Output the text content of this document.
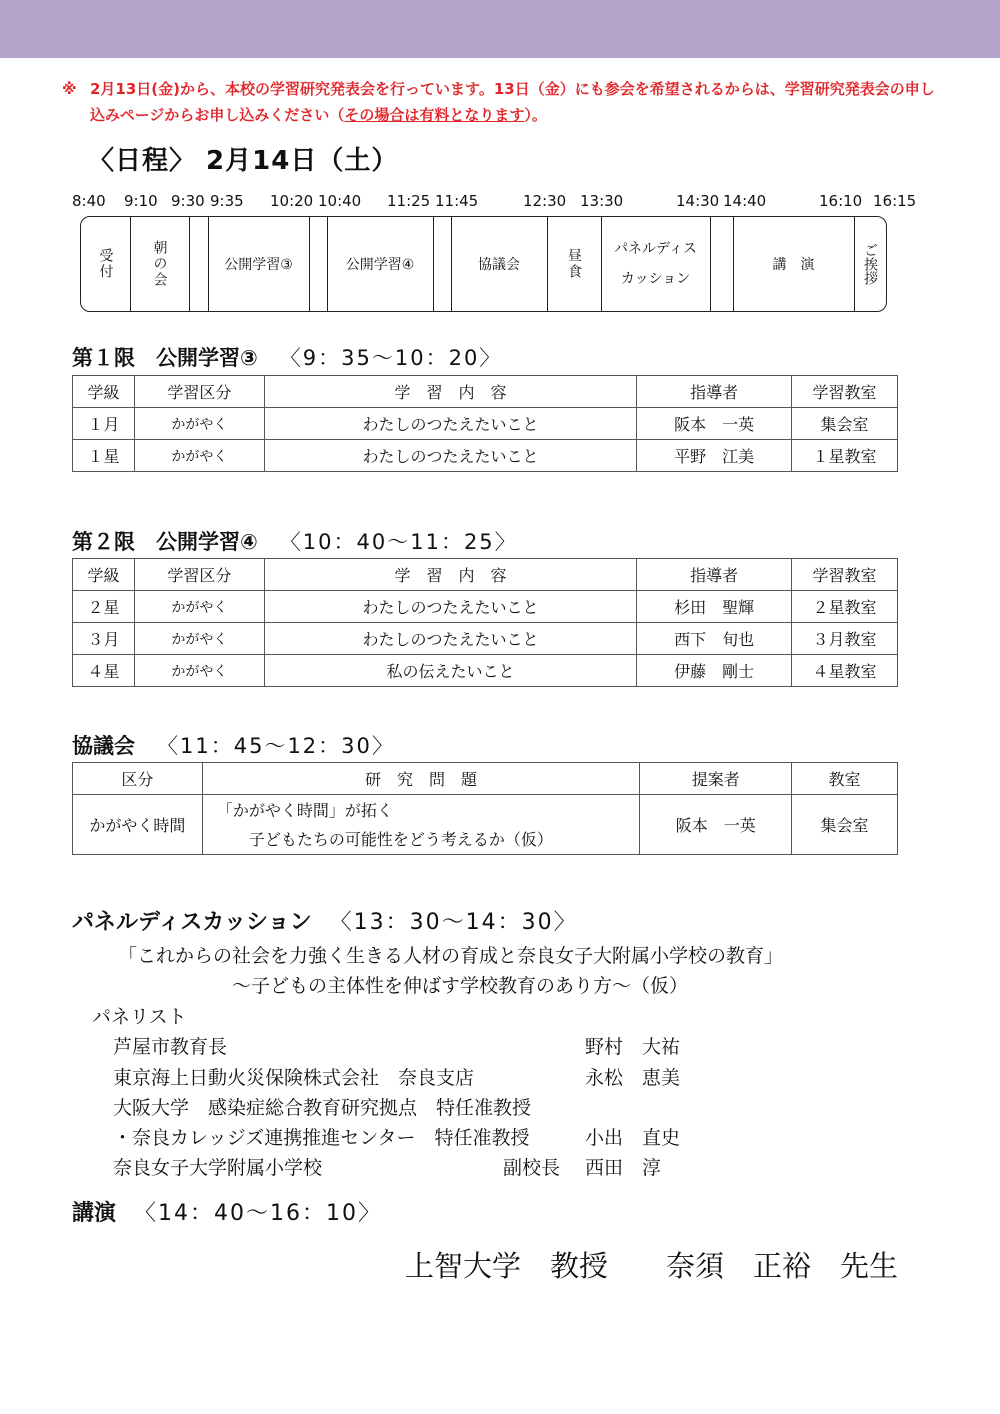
※ 2月13日(金)から、本校の学習研究発表会を行っています。13日（金）にも参会を希望されるからは、学習研究発表会の申し
込みページからお申し込みください（その場合は有料となります）。
〈日程〉 2月14日（土）
8:40 9:10 9:30 9:35 10:20 10:40 11:25 11:45	12:30 13:30	14:30 14:40	16:10 16:15
受付	朝の会	公開学習③	公開学習④	協議会	昼食 パネルディス
カッション
講　演	ご挨拶
第１限　公開学習③ 〈9：35〜10：20〉
学級	学習区分	学　習　内　容	指導者	学習教室
１月	かがやく	わたしのつたえたいこと	阪本　一英	集会室
１星	かがやく	わたしのつたえたいこと	平野　江美	１星教室
第２限　公開学習④ 〈10：40〜11：25〉
学級	学習区分	学　習　内　容	指導者	学習教室
２星	かがやく	わたしのつたえたいこと	杉田　聖輝	２星教室
３月	かがやく	わたしのつたえたいこと	西下　旬也	３月教室
４星	かがやく	私の伝えたいこと	伊藤　剛士	４星教室
協議会 〈11：45〜12：30〉
区分	研　究　問　題	提案者	教室
かがやく時間	「かがやく時間」が拓く
子どもたちの可能性をどう考えるか（仮）	阪本　一英	集会室
パネルディスカッション 〈13：30〜14：30〉
「これからの社会を力強く生きる人材の育成と奈良女子大附属小学校の教育」
〜子どもの主体性を伸ばす学校教育のあり方〜（仮）
パネリスト
芦屋市教育長	野村　大祐
東京海上日動火災保険株式会社　奈良支店	永松　恵美
大阪大学　感染症総合教育研究拠点　特任准教授
・奈良カレッジズ連携推進センター　特任准教授	小出　直史
奈良女子大学附属小学校	副校長 西田　淳
講演 〈14：40〜16：10〉
上智大学　教授　　奈須　正裕　先生
